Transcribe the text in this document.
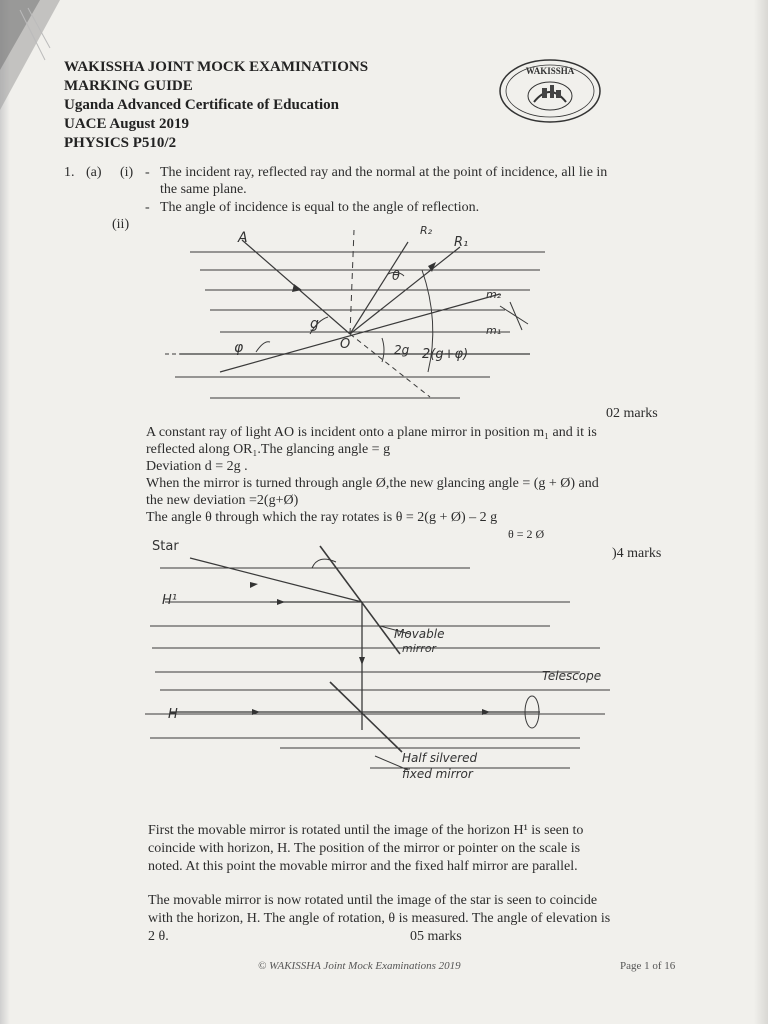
WAKISSHA JOINT MOCK EXAMINATIONS
MARKING GUIDE
Uganda Advanced Certificate of Education
UACE August 2019
PHYSICS P510/2
WAKISSHA
1. (a) (i) - The incident ray, reflected ray and the normal at the point of incidence, all lie in
the same plane.
- The angle of incidence is equal to the angle of reflection.
(ii)
A	R₁
R₂
θ
m₂
m₁
g
φ	O	2g 2(g+φ)
02 marks
A constant ray of light AO is incident onto a plane mirror in position m₁ and it is
reflected along OR₁.The glancing angle = g
Deviation d = 2g .
When the mirror is turned through angle Ø,the new glancing angle = (g + Ø) and
the new deviation =2(g+Ø)
The angle θ through which the ray rotates is θ = 2(g + Ø) – 2 g
θ = 2 Ø
)4 marks
Star
H¹
H
Movable
mirror
Telescope
Half silvered
fixed mirror
First the movable mirror is rotated until the image of the horizon H¹ is seen to
coincide with horizon, H. The position of the mirror or pointer on the scale is
noted. At this point the movable mirror and the fixed half mirror are parallel.
The movable mirror is now rotated until the image of the star is seen to coincide
with the horizon, H. The angle of rotation, θ is measured. The angle of elevation is
2 θ.	05 marks
© WAKISSHA Joint Mock Examinations 2019	Page 1 of 16
